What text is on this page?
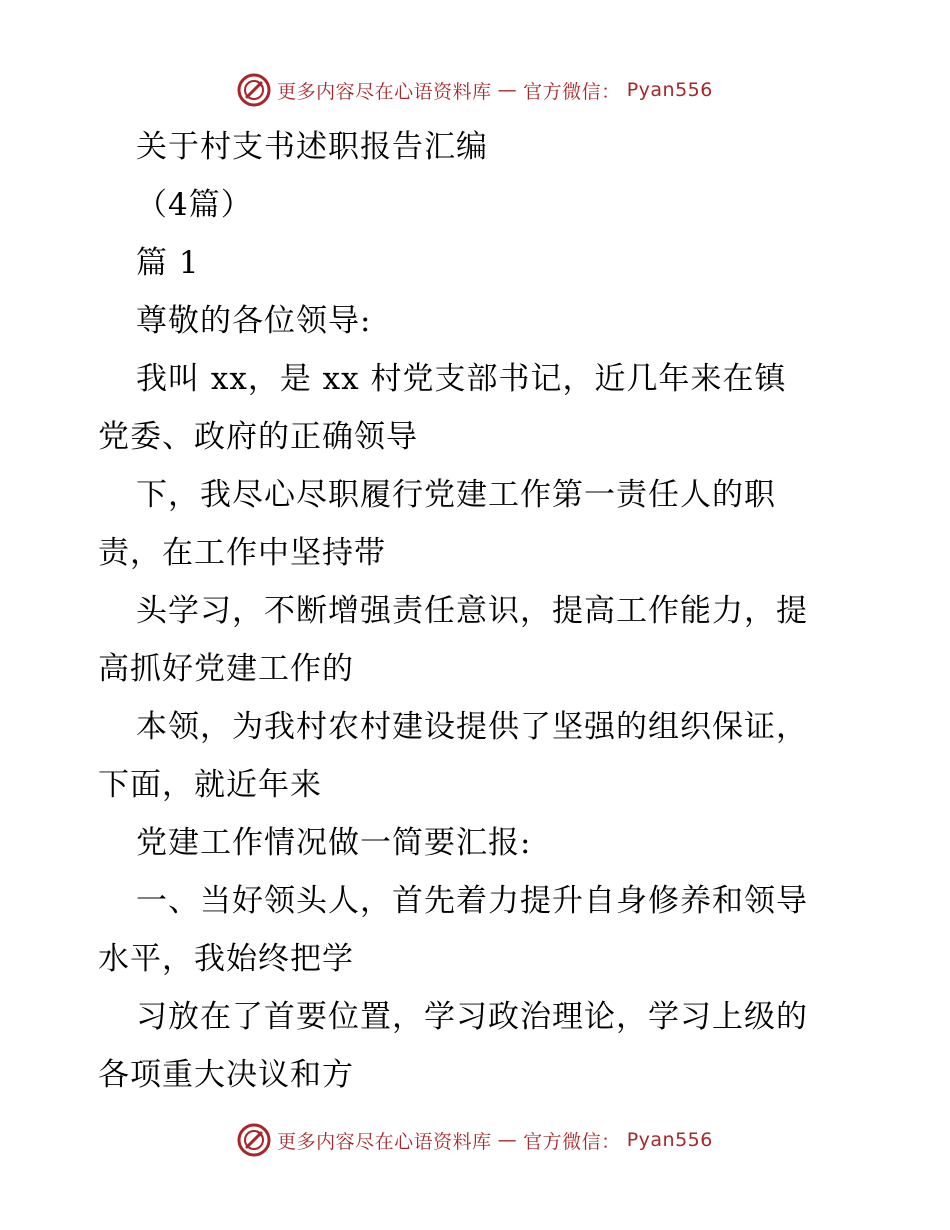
更多内容尽在心语资料库 — 官方微信： Pyan556
关于村支书述职报告汇编
（4篇）
篇 1
尊敬的各位领导:
我叫 xx，是 xx 村党支部书记，近几年来在镇
党委、政府的正确领导
下，我尽心尽职履行党建工作第一责任人的职
责，在工作中坚持带
头学习，不断增强责任意识，提高工作能力，提
高抓好党建工作的
本领，为我村农村建设提供了坚强的组织保证，
下面，就近年来
党建工作情况做一简要汇报:
一、当好领头人，首先着力提升自身修养和领导
水平，我始终把学
习放在了首要位置，学习政治理论，学习上级的
各项重大决议和方
更多内容尽在心语资料库 — 官方微信： Pyan556
